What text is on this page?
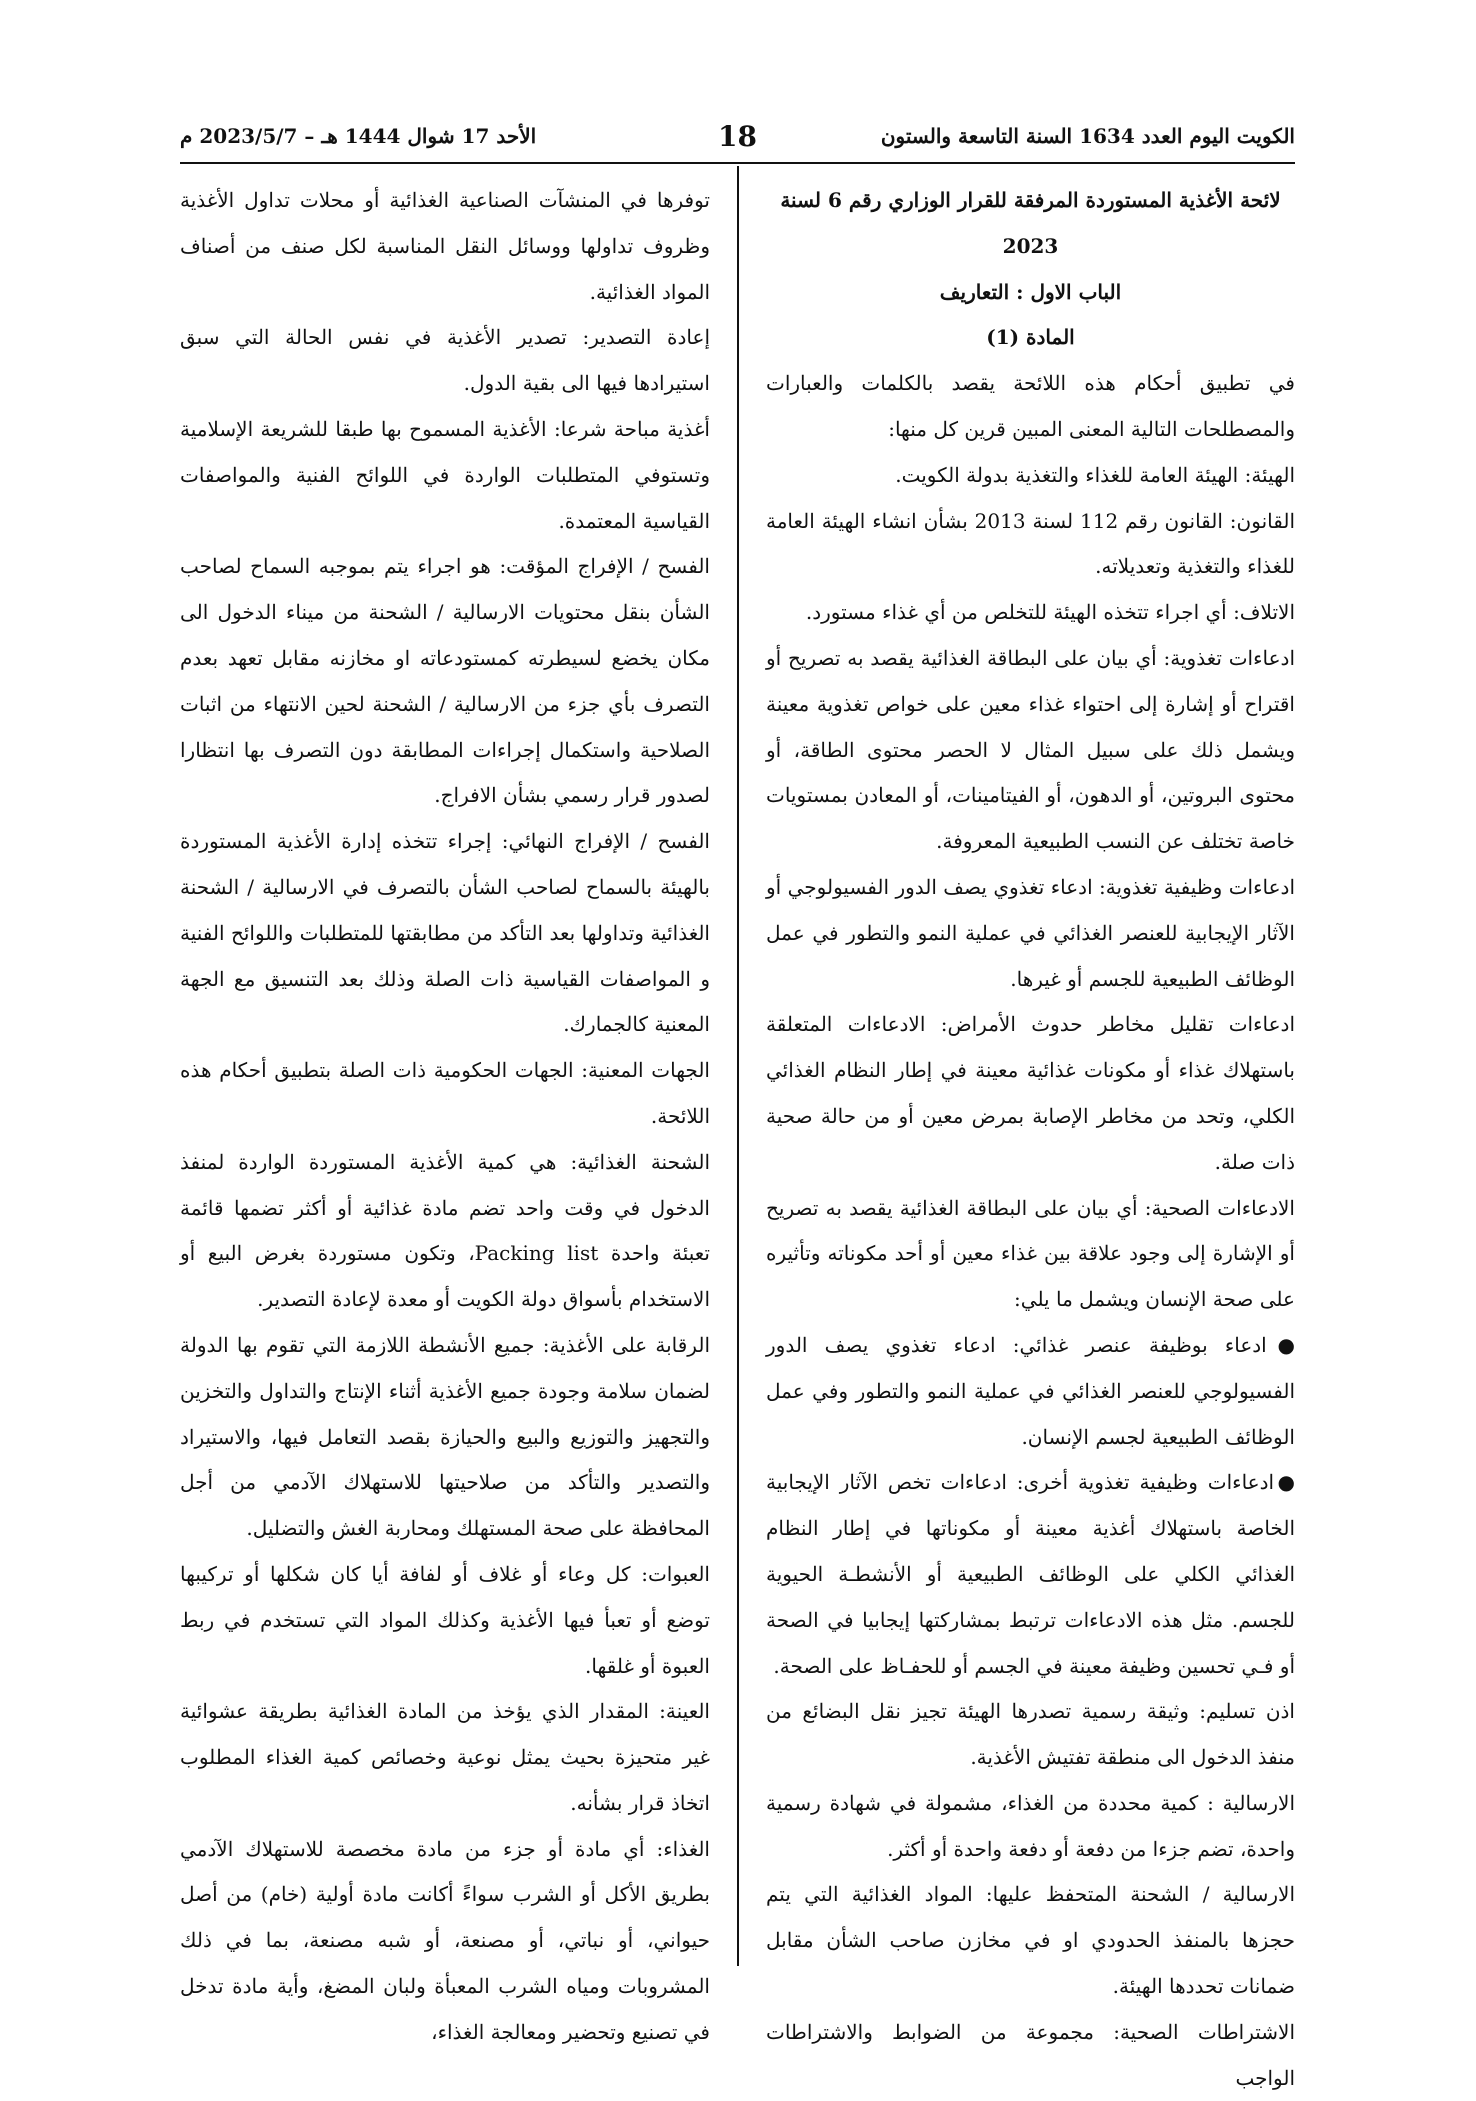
الكويت اليوم العدد 1634 السنة التاسعة والستون
18
الأحد 17 شوال 1444 هـ – 2023/5/7 م

لائحة الأغذية المستوردة المرفقة للقرار الوزاري رقم 6 لسنة 2023

الباب الاول : التعاريف

المادة (1)

في تطبيق أحكام هذه اللائحة يقصد بالكلمات والعبارات والمصطلحات التالية المعنى المبين قرين كل منها:

الهيئة: الهيئة العامة للغذاء والتغذية بدولة الكويت.

القانون: القانون رقم 112 لسنة 2013 بشأن انشاء الهيئة العامة للغذاء والتغذية وتعديلاته.

الاتلاف: أي اجراء تتخذه الهيئة للتخلص من أي غذاء مستورد.

ادعاءات تغذوية: أي بيان على البطاقة الغذائية يقصد به تصريح أو اقتراح أو إشارة إلى احتواء غذاء معين على خواص تغذوية معينة ويشمل ذلك على سبيل المثال لا الحصر محتوى الطاقة، أو محتوى البروتين، أو الدهون، أو الفيتامينات، أو المعادن بمستويات خاصة تختلف عن النسب الطبيعية المعروفة.

ادعاءات وظيفية تغذوية: ادعاء تغذوي يصف الدور الفسيولوجي أو الآثار الإيجابية للعنصر الغذائي في عملية النمو والتطور في عمل الوظائف الطبيعية للجسم أو غيرها.

ادعاءات تقليل مخاطر حدوث الأمراض: الادعاءات المتعلقة باستهلاك غذاء أو مكونات غذائية معينة في إطار النظام الغذائي الكلي، وتحد من مخاطر الإصابة بمرض معين أو من حالة صحية ذات صلة.

الادعاءات الصحية: أي بيان على البطاقة الغذائية يقصد به تصريح أو الإشارة إلى وجود علاقة بين غذاء معين أو أحد مكوناته وتأثيره على صحة الإنسان ويشمل ما يلي:

●ادعاء بوظيفة عنصر غذائي: ادعاء تغذوي يصف الدور الفسيولوجي للعنصر الغذائي في عملية النمو والتطور وفي عمل الوظائف الطبيعية لجسم الإنسان.

●ادعاءات وظيفية تغذوية أخرى: ادعاءات تخص الآثار الإيجابية الخاصة باستهلاك أغذية معينة أو مكوناتها في إطار النظام الغذائي الكلي على الوظائف الطبيعية أو الأنشطـة الحيوية للجسم. مثل هذه الادعاءات ترتبط بمشاركتها إيجابيا في الصحة أو فـي تحسين وظيفة معينة في الجسم أو للحفـاظ على الصحة.

اذن تسليم: وثيقة رسمية تصدرها الهيئة تجيز نقل البضائع من منفذ الدخول الى منطقة تفتيش الأغذية.

الارسالية : كمية محددة من الغذاء، مشمولة في شهادة رسمية واحدة، تضم جزءا من دفعة أو دفعة واحدة أو أكثر.

الارسالية / الشحنة المتحفظ عليها: المواد الغذائية التي يتم حجزها بالمنفذ الحدودي او في مخازن صاحب الشأن مقابل ضمانات تحددها الهيئة.

الاشتراطات الصحية: مجموعة من الضوابط والاشتراطات الواجب

توفرها في المنشآت الصناعية الغذائية أو محلات تداول الأغذية وظروف تداولها ووسائل النقل المناسبة لكل صنف من أصناف المواد الغذائية.

إعادة التصدير: تصدير الأغذية في نفس الحالة التي سبق استيرادها فيها الى بقية الدول.

أغذية مباحة شرعا: الأغذية المسموح بها طبقا للشريعة الإسلامية وتستوفي المتطلبات الواردة في اللوائح الفنية والمواصفات القياسية المعتمدة.

الفسح / الإفراج المؤقت: هو اجراء يتم بموجبه السماح لصاحب الشأن بنقل محتويات الارسالية / الشحنة من ميناء الدخول الى مكان يخضع لسيطرته كمستودعاته او مخازنه مقابل تعهد بعدم التصرف بأي جزء من الارسالية / الشحنة لحين الانتهاء من اثبات الصلاحية واستكمال إجراءات المطابقة دون التصرف بها انتظارا لصدور قرار رسمي بشأن الافراج.

الفسح / الإفراج النهائي: إجراء تتخذه إدارة الأغذية المستوردة بالهيئة بالسماح لصاحب الشأن بالتصرف في الارسالية / الشحنة الغذائية وتداولها بعد التأكد من مطابقتها للمتطلبات واللوائح الفنية و المواصفات القياسية ذات الصلة وذلك بعد التنسيق مع الجهة المعنية كالجمارك.

الجهات المعنية: الجهات الحكومية ذات الصلة بتطبيق أحكام هذه اللائحة.

الشحنة الغذائية: هي كمية الأغذية المستوردة الواردة لمنفذ الدخول في وقت واحد تضم مادة غذائية أو أكثر تضمها قائمة تعبئة واحدة Packing list، وتكون مستوردة بغرض البيع أو الاستخدام بأسواق دولة الكويت أو معدة لإعادة التصدير.

الرقابة على الأغذية: جميع الأنشطة اللازمة التي تقوم بها الدولة لضمان سلامة وجودة جميع الأغذية أثناء الإنتاج والتداول والتخزين والتجهيز والتوزيع والبيع والحيازة بقصد التعامل فيها، والاستيراد والتصدير والتأكد من صلاحيتها للاستهلاك الآدمي من أجل المحافظة على صحة المستهلك ومحاربة الغش والتضليل.

العبوات: كل وعاء أو غلاف أو لفافة أيا كان شكلها أو تركيبها توضع أو تعبأ فيها الأغذية وكذلك المواد التي تستخدم في ربط العبوة أو غلقها.

العينة: المقدار الذي يؤخذ من المادة الغذائية بطريقة عشوائية غير متحيزة بحيث يمثل نوعية وخصائص كمية الغذاء المطلوب اتخاذ قرار بشأنه.

الغذاء: أي مادة أو جزء من مادة مخصصة للاستهلاك الآدمي بطريق الأكل أو الشرب سواءً أكانت مادة أولية (خام) من أصل حيواني، أو نباتي، أو مصنعة، أو شبه مصنعة، بما في ذلك المشروبات ومياه الشرب المعبأة ولبان المضغ، وأية مادة تدخل في تصنيع وتحضير ومعالجة الغذاء،
